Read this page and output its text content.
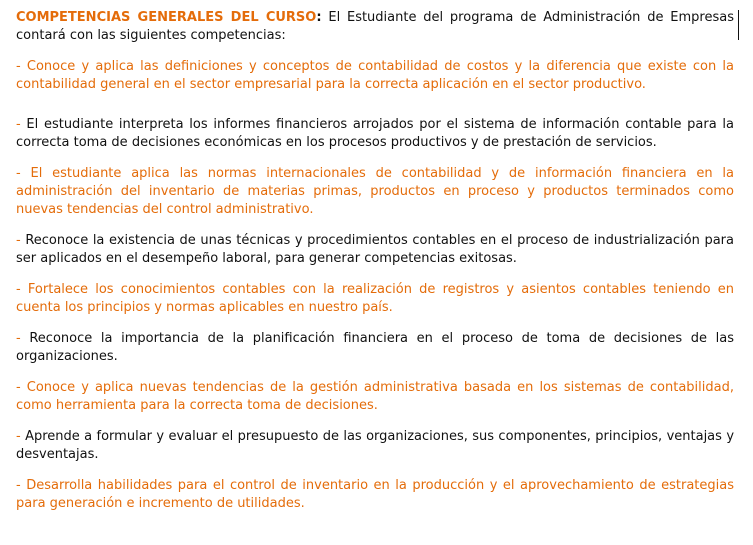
COMPETENCIAS GENERALES DEL CURSO: El Estudiante del programa de Administración de Empresas contará con las siguientes competencias:

- Conoce y aplica las definiciones y conceptos de contabilidad de costos y la diferencia que existe con la contabilidad general en el sector empresarial para la correcta aplicación en el sector productivo.

- El estudiante interpreta los informes financieros arrojados por el sistema de información contable para la correcta toma de decisiones económicas en los procesos productivos y de prestación de servicios.

- El estudiante aplica las normas internacionales de contabilidad y de información financiera en la administración del inventario de materias primas, productos en proceso y productos terminados como nuevas tendencias del control administrativo.

- Reconoce la existencia de unas técnicas y procedimientos contables en el proceso de industrialización para ser aplicados en el desempeño laboral, para generar competencias exitosas.

- Fortalece los conocimientos contables con la realización de registros y asientos contables teniendo en cuenta los principios y normas aplicables en nuestro país.

- Reconoce la importancia de la planificación financiera en el proceso de toma de decisiones de las organizaciones.

- Conoce y aplica nuevas tendencias de la gestión administrativa basada en los sistemas de contabilidad, como herramienta para la correcta toma de decisiones.

- Aprende a formular y evaluar el presupuesto de las organizaciones, sus componentes, principios, ventajas y desventajas.

- Desarrolla habilidades para el control de inventario en la producción y el aprovechamiento de estrategias para generación e incremento de utilidades.
